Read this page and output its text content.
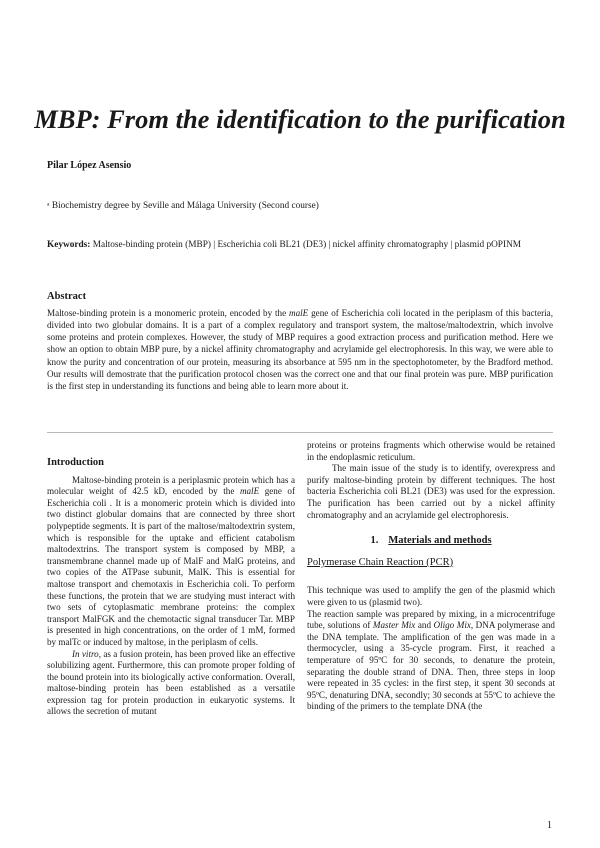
MBP: From the identification to the purification
Pilar López Asensio
ᵃ Biochemistry degree by Seville and Málaga University (Second course)
Keywords: Maltose-binding protein (MBP) | Escherichia coli BL21 (DE3) | nickel affinity chromatography | plasmid pOPINM
Abstract
Maltose-binding protein is a monomeric protein, encoded by the malE gene of Escherichia coli located in the periplasm of this bacteria, divided into two globular domains. It is a part of a complex regulatory and transport system, the maltose/maltodextrin, which involve some proteins and protein complexes. However, the study of MBP requires a good extraction process and purification method. Here we show an option to obtain MBP pure, by a nickel affinity chromatography and acrylamide gel electrophoresis. In this way, we were able to know the purity and concentration of our protein, measuring its absorbance at 595 nm in the spectophotometer, by the Bradford method. Our results will demostrate that the purification protocol chosen was the correct one and that our final protein was pure. MBP purification is the first step in understanding its functions and being able to learn more about it.

Introduction

Maltose-binding protein is a periplasmic protein which has a molecular weight of 42.5 kD, encoded by the malE gene of Escherichia coli . It is a monomeric protein which is divided into two distinct globular domains that are connected by three short polypeptide segments. It is part of the maltose/maltodextrin system, which is responsible for the uptake and efficient catabolism maltodextrins. The transport system is composed by MBP, a transmembrane channel made up of MalF and MalG proteins, and two copies of the ATPase subunit, MalK. This is essential for maltose transport and chemotaxis in Escherichia coli. To perform these functions, the protein that we are studying must interact with two sets of cytoplasmatic membrane proteins: the complex transport MalFGK and the chemotactic signal transducer Tar. MBP is presented in high concentrations, on the order of 1 mM, formed by malTc or induced by maltose, in the periplasm of cells.

In vitro, as a fusion protein, has been proved like an effective solubilizing agent. Furthermore, this can promote proper folding of the bound protein into its biologically active conformation. Overall, maltose-binding protein has been established as a versatile expression tag for protein production in eukaryotic systems. It allows the secretion of mutant

proteins or proteins fragments which otherwise would be retained in the endoplasmic reticulum.

The main issue of the study is to identify, overexpress and purify maltose-binding protein by different techniques. The host bacteria Escherichia coli BL21 (DE3) was used for the expression. The purification has been carried out by a nickel affinity chromatography and an acrylamide gel electrophoresis.

1. Materials and methods

Polymerase Chain Reaction (PCR)

This technique was used to amplify the gen of the plasmid which were given to us (plasmid two).

The reaction sample was prepared by mixing, in a microcentrifuge tube, solutions of Master Mix and Oligo Mix, DNA polymerase and the DNA template. The amplification of the gen was made in a thermocycler, using a 35-cycle program. First, it reached a temperature of 95ºC for 30 seconds, to denature the protein, separating the double strand of DNA. Then, three steps in loop were repeated in 35 cycles: in the first step, it spent 30 seconds at 95ºC, denaturing DNA, secondly; 30 seconds at 55ºC to achieve the binding of the primers to the template DNA (the

1
